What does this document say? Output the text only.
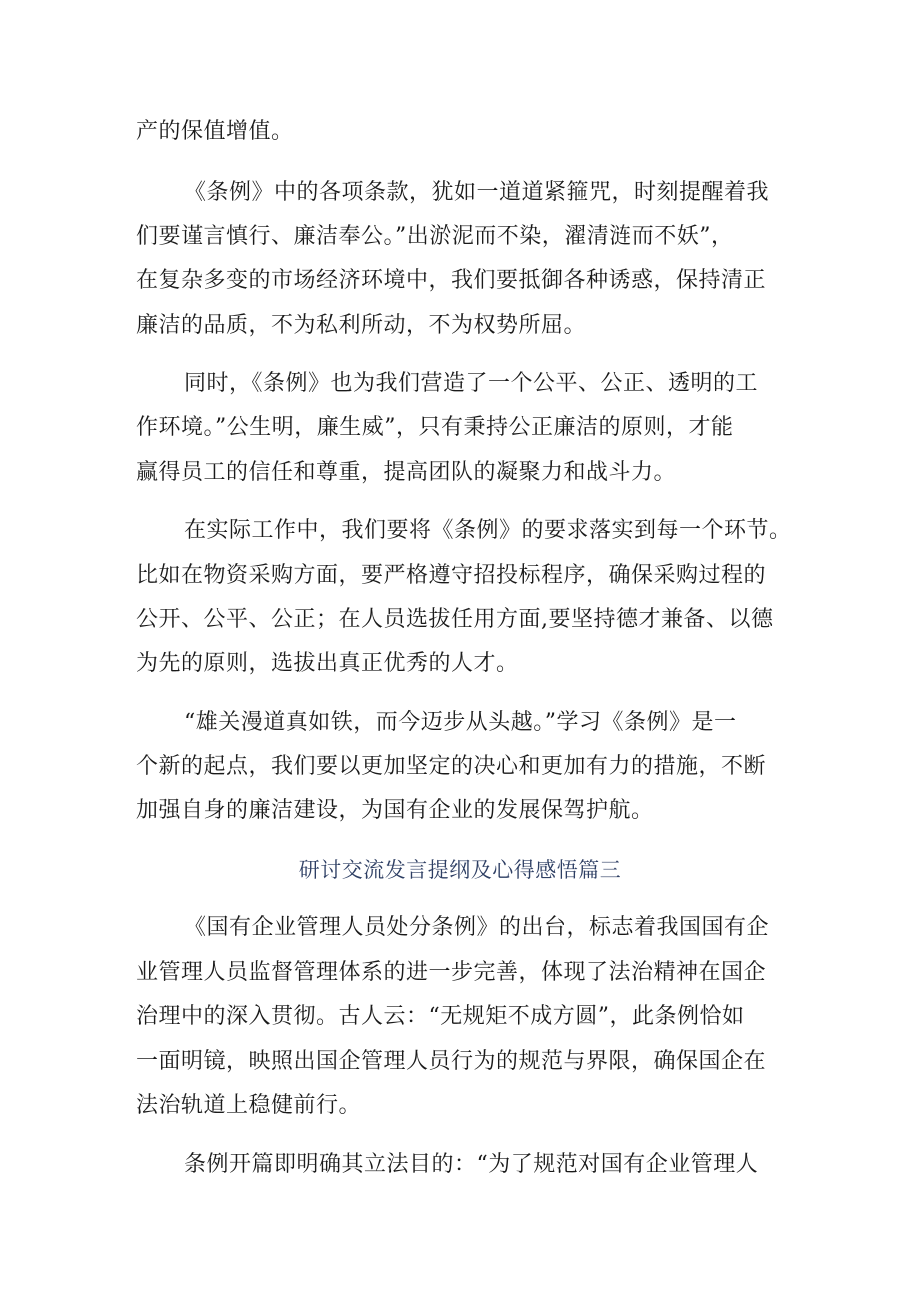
产的保值增值。
《条例》中的各项条款，犹如一道道紧箍咒，时刻提醒着我
们要谨言慎行、廉洁奉公。”出淤泥而不染，濯清涟而不妖”，
在复杂多变的市场经济环境中，我们要抵御各种诱惑，保持清正
廉洁的品质，不为私利所动，不为权势所屈。
同时，《条例》也为我们营造了一个公平、公正、透明的工
作环境。”公生明，廉生威”，只有秉持公正廉洁的原则，才能
赢得员工的信任和尊重，提高团队的凝聚力和战斗力。
在实际工作中，我们要将《条例》的要求落实到每一个环节。
比如在物资采购方面，要严格遵守招投标程序，确保采购过程的
公开、公平、公正；在人员选拔任用方面,要坚持德才兼备、以德
为先的原则，选拔出真正优秀的人才。
“雄关漫道真如铁，而今迈步从头越。”学习《条例》是一
个新的起点，我们要以更加坚定的决心和更加有力的措施，不断
加强自身的廉洁建设，为国有企业的发展保驾护航。
研讨交流发言提纲及心得感悟篇三
《国有企业管理人员处分条例》的出台，标志着我国国有企
业管理人员监督管理体系的进一步完善，体现了法治精神在国企
治理中的深入贯彻。古人云：“无规矩不成方圆”，此条例恰如
一面明镜，映照出国企管理人员行为的规范与界限，确保国企在
法治轨道上稳健前行。
条例开篇即明确其立法目的：“为了规范对国有企业管理人
